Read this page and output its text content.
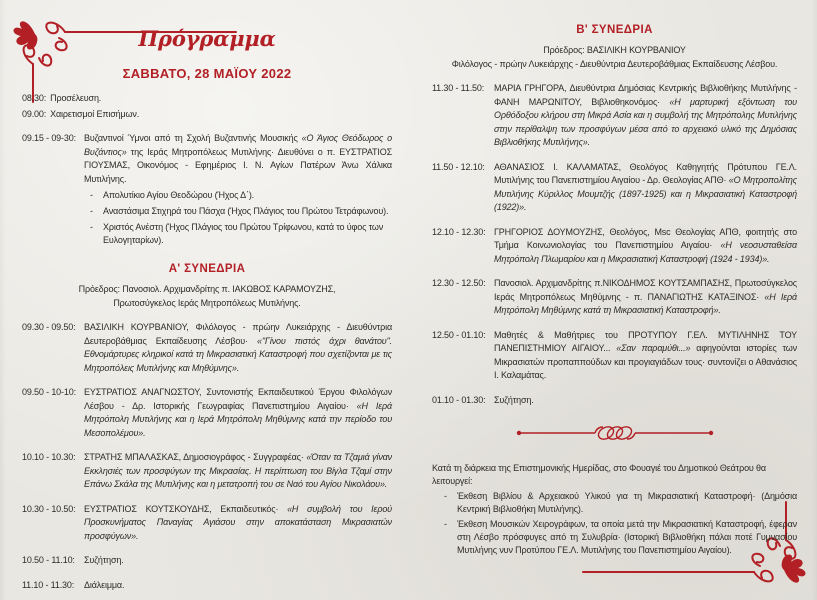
Πρόγραμμα
ΣΑΒΒΑΤΟ, 28 ΜΑΪΟΥ 2022
08.30: Προσέλευση.
09.00: Χαιρετισμοί Επισήμων.
09.15 - 09-30: Βυζαντινοί Ύμνοι από τη Σχολή Βυζαντινής Μουσικής «Ο Άγιος Θεόδωρος ο Βυζάντιος» της Ιεράς Μητροπόλεως Μυτιλήνης· Διευθύνει ο π. ΕΥΣΤΡΑΤΙΟΣ ΓΙΟΥΣΜΑΣ, Οικονόμος - Εφημέριος Ι. Ν. Αγίων Πατέρων Άνω Χάλικα Μυτιλήνης.
-	Απολυτίκιο Αγίου Θεοδώρου (Ήχος Δ΄).
-	Αναστάσιμα Στιχηρά του Πάσχα (Ήχος Πλάγιος του Πρώτου Τετράφωνου).
-	Χριστός Ανέστη (Ήχος Πλάγιος του Πρώτου Τρίφωνου, κατά το ύφος των Ευλογηταρίων).
Α' ΣΥΝΕΔΡΙΑ
Πρόεδρος: Πανοσιολ. Αρχιμανδρίτης π. ΙΑΚΩΒΟΣ ΚΑΡΑΜΟΥΖΗΣ,
Πρωτοσύγκελος Ιεράς Μητροπόλεως Μυτιλήνης.
09.30 - 09.50: ΒΑΣΙΛΙΚΗ ΚΟΥΡΒΑΝΙΟΥ, Φιλόλογος - πρώην Λυκειάρχης - Διευθύντρια Δευτεροβάθμιας Εκπαίδευσης Λέσβου· «"Γίνου πιστός άχρι θανάτου". Εθνομάρτυρες κληρικοί κατά τη Μικρασιατική Καταστροφή που σχετίζονται με τις Μητροπόλεις Μυτιλήνης και Μηθύμνης».
09.50 - 10-10: ΕΥΣΤΡΑΤΙΟΣ ΑΝΑΓΝΩΣΤΟΥ, Συντονιστής Εκπαιδευτικού Έργου Φιλολόγων Λέσβου - Δρ. Ιστορικής Γεωγραφίας Πανεπιστημίου Αιγαίου· «Η Ιερά Μητρόπολη Μυτιλήνης και η Ιερά Μητρόπολη Μηθύμνης κατά την περίοδο του Μεσοπολέμου».
10.10 - 10.30: ΣΤΡΑΤΗΣ ΜΠΑΛΑΣΚΑΣ, Δημοσιογράφος - Συγγραφέας· «Όταν τα Τζαμιά γίναν Εκκλησιές των προσφύγων της Μικρασίας. Η περίπτωση του Βίγλα Τζαμί στην Επάνω Σκάλα της Μυτιλήνης και η μετατροπή του σε Ναό του Αγίου Νικολάου».
10.30 - 10.50: ΕΥΣΤΡΑΤΙΟΣ ΚΟΥΤΣΚΟΥΔΗΣ, Εκπαιδευτικός· «Η συμβολή του Ιερού Προσκυνήματος Παναγίας Αγιάσου στην αποκατάσταση Μικρασιατών προσφύγων».
10.50 - 11.10:	Συζήτηση.
11.10 - 11.30:	Διάλειμμα.
Β' ΣΥΝΕΔΡΙΑ
Πρόεδρος: ΒΑΣΙΛΙΚΗ ΚΟΥΡΒΑΝΙΟΥ
Φιλόλογος - πρώην Λυκειάρχης - Διευθύντρια Δευτεροβάθμιας Εκπαίδευσης Λέσβου.
11.30 - 11.50:	ΜΑΡΙΑ ΓΡΗΓΟΡΑ, Διευθύντρια Δημόσιας Κεντρικής Βιβλιοθήκης Μυτιλήνης - ΦΑΝΗ ΜΑΡΩΝΙΤΟΥ, Βιβλιοθηκονόμος· «Η μαρτυρική εξόντωση του Ορθόδοξου κλήρου στη Μικρά Ασία και η συμβολή της Μητρόπολης Μυτιλήνης στην περίθαλψη των προσφύγων μέσα από το αρχειακό υλικό της Δημόσιας Βιβλιοθήκης Μυτιλήνης».
11.50 - 12.10:	ΑΘΑΝΑΣΙΟΣ Ι. ΚΑΛΑΜΑΤΑΣ, Θεολόγος Καθηγητής Πρότυπου ΓΕ.Λ. Μυτιλήνης του Πανεπιστημίου Αιγαίου - Δρ. Θεολογίας ΑΠΘ· «Ο Μητροπολίτης Μυτιλήνης Κύριλλος Μουμτζής (1897-1925) και η Μικρασιατική Καταστροφή (1922)».
12.10 - 12.30: ΓΡΗΓΟΡΙΟΣ ΔΟΥΜΟΥΖΗΣ, Θεολόγος, Msc Θεολογίας ΑΠΘ, φοιτητής στο Τμήμα Κοινωνιολογίας του Πανεπιστημίου Αιγαίου· «Η νεοσυσταθείσα Μητρόπολη Πλωμαρίου και η Μικρασιατική Καταστροφή (1924 - 1934)».
12.30 - 12.50: Πανοσιολ. Αρχιμανδρίτης π.ΝΙΚΟΔΗΜΟΣ ΚΟΥΤΣΑΜΠΑΣΗΣ, Πρωτοσύγκελος Ιεράς Μητροπόλεως Μηθύμνης - π. ΠΑΝΑΓΙΩΤΗΣ ΚΑΤΑΞΙΝΟΣ· «Η Ιερά Μητρόπολη Μηθύμνης κατά τη Μικρασιατική Καταστροφή».
12.50 - 01.10: Μαθητές & Μαθήτριες του ΠΡΟΤΥΠΟΥ Γ.ΕΛ. ΜΥΤΙΛΗΝΗΣ ΤΟΥ ΠΑΝΕΠΙΣΤΗΜΙΟΥ ΑΙΓΑΙΟΥ... «Σαν παραμύθι...» αφηγούνται ιστορίες των Μικρασιατών προπαππούδων και προγιαγιάδων τους· συντονίζει ο Αθανάσιος Ι. Καλαμάτας.
01.10 - 01.30: Συζήτηση.
Κατά τη διάρκεια της Επιστημονικής Ημερίδας, στο Φουαγιέ του Δημοτικού Θεάτρου θα λειτουργεί:
-	Έκθεση Βιβλίου & Αρχειακού Υλικού για τη Μικρασιατική Καταστροφή· (Δημόσια Κεντρική Βιβλιοθήκη Μυτιλήνης).
-	Έκθεση Μουσικών Χειρογράφων, τα οποία μετά την Μικρασιατική Καταστροφή, έφεραν στη Λέσβο πρόσφυγες από τη Συλυβρία· (Ιστορική Βιβλιοθήκη πάλαι ποτέ Γυμνασίου Μυτιλήνης νυν Προτύπου ΓΕ.Λ. Μυτιλήνης του Πανεπιστημίου Αιγαίου).
